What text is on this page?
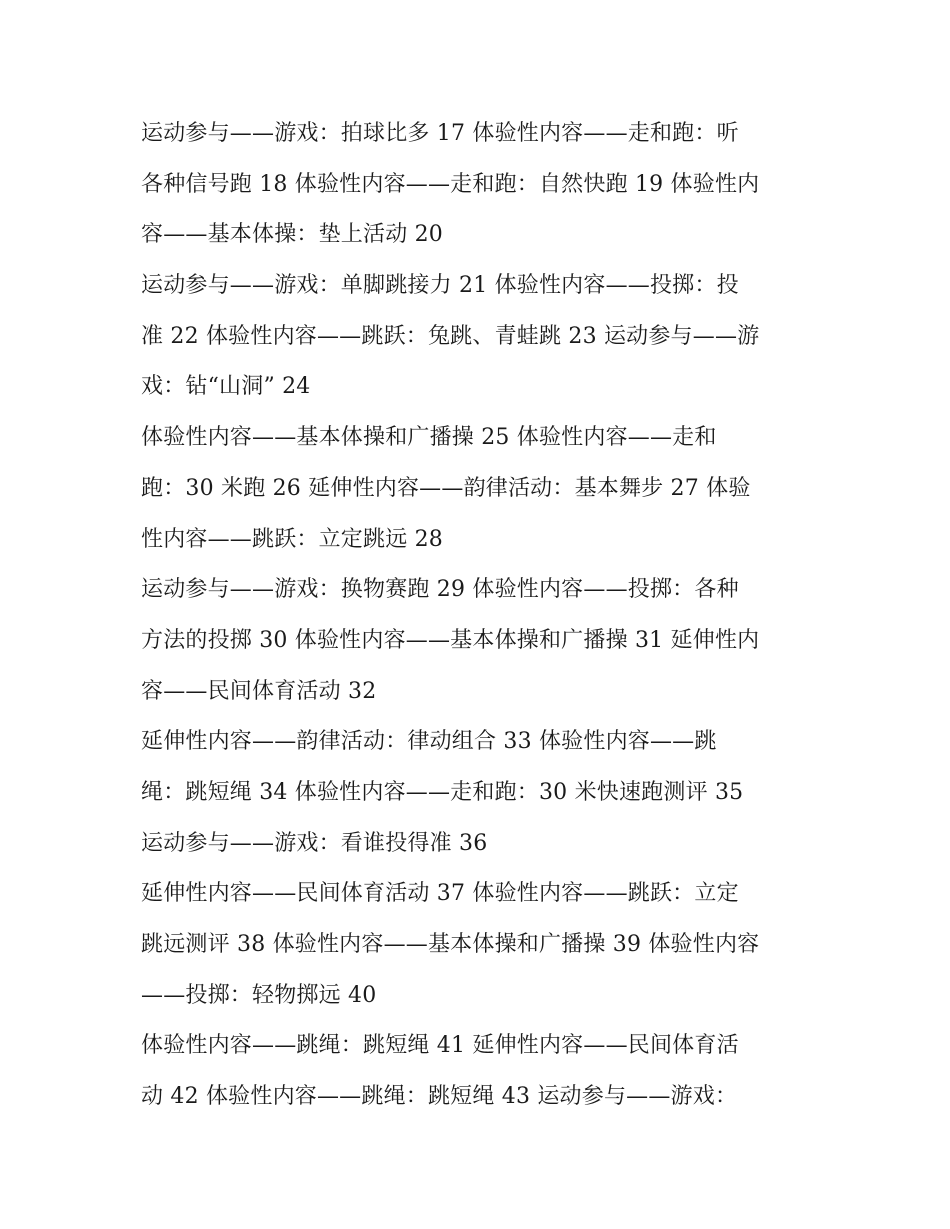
运动参与——游戏：拍球比多 17 体验性内容——走和跑：听
各种信号跑 18 体验性内容——走和跑：自然快跑 19 体验性内
容——基本体操：垫上活动 20
运动参与——游戏：单脚跳接力 21 体验性内容——投掷：投
准 22 体验性内容——跳跃：兔跳、青蛙跳 23 运动参与——游
戏：钻“山洞” 24
体验性内容——基本体操和广播操 25 体验性内容——走和
跑：30 米跑 26 延伸性内容——韵律活动：基本舞步 27 体验
性内容——跳跃：立定跳远 28
运动参与——游戏：换物赛跑 29 体验性内容——投掷：各种
方法的投掷 30 体验性内容——基本体操和广播操 31 延伸性内
容——民间体育活动 32
延伸性内容——韵律活动：律动组合 33 体验性内容——跳
绳：跳短绳 34 体验性内容——走和跑：30 米快速跑测评 35
运动参与——游戏：看谁投得准 36
延伸性内容——民间体育活动 37 体验性内容——跳跃：立定
跳远测评 38 体验性内容——基本体操和广播操 39 体验性内容
——投掷：轻物掷远 40
体验性内容——跳绳：跳短绳 41 延伸性内容——民间体育活
动 42 体验性内容——跳绳：跳短绳 43 运动参与——游戏：
